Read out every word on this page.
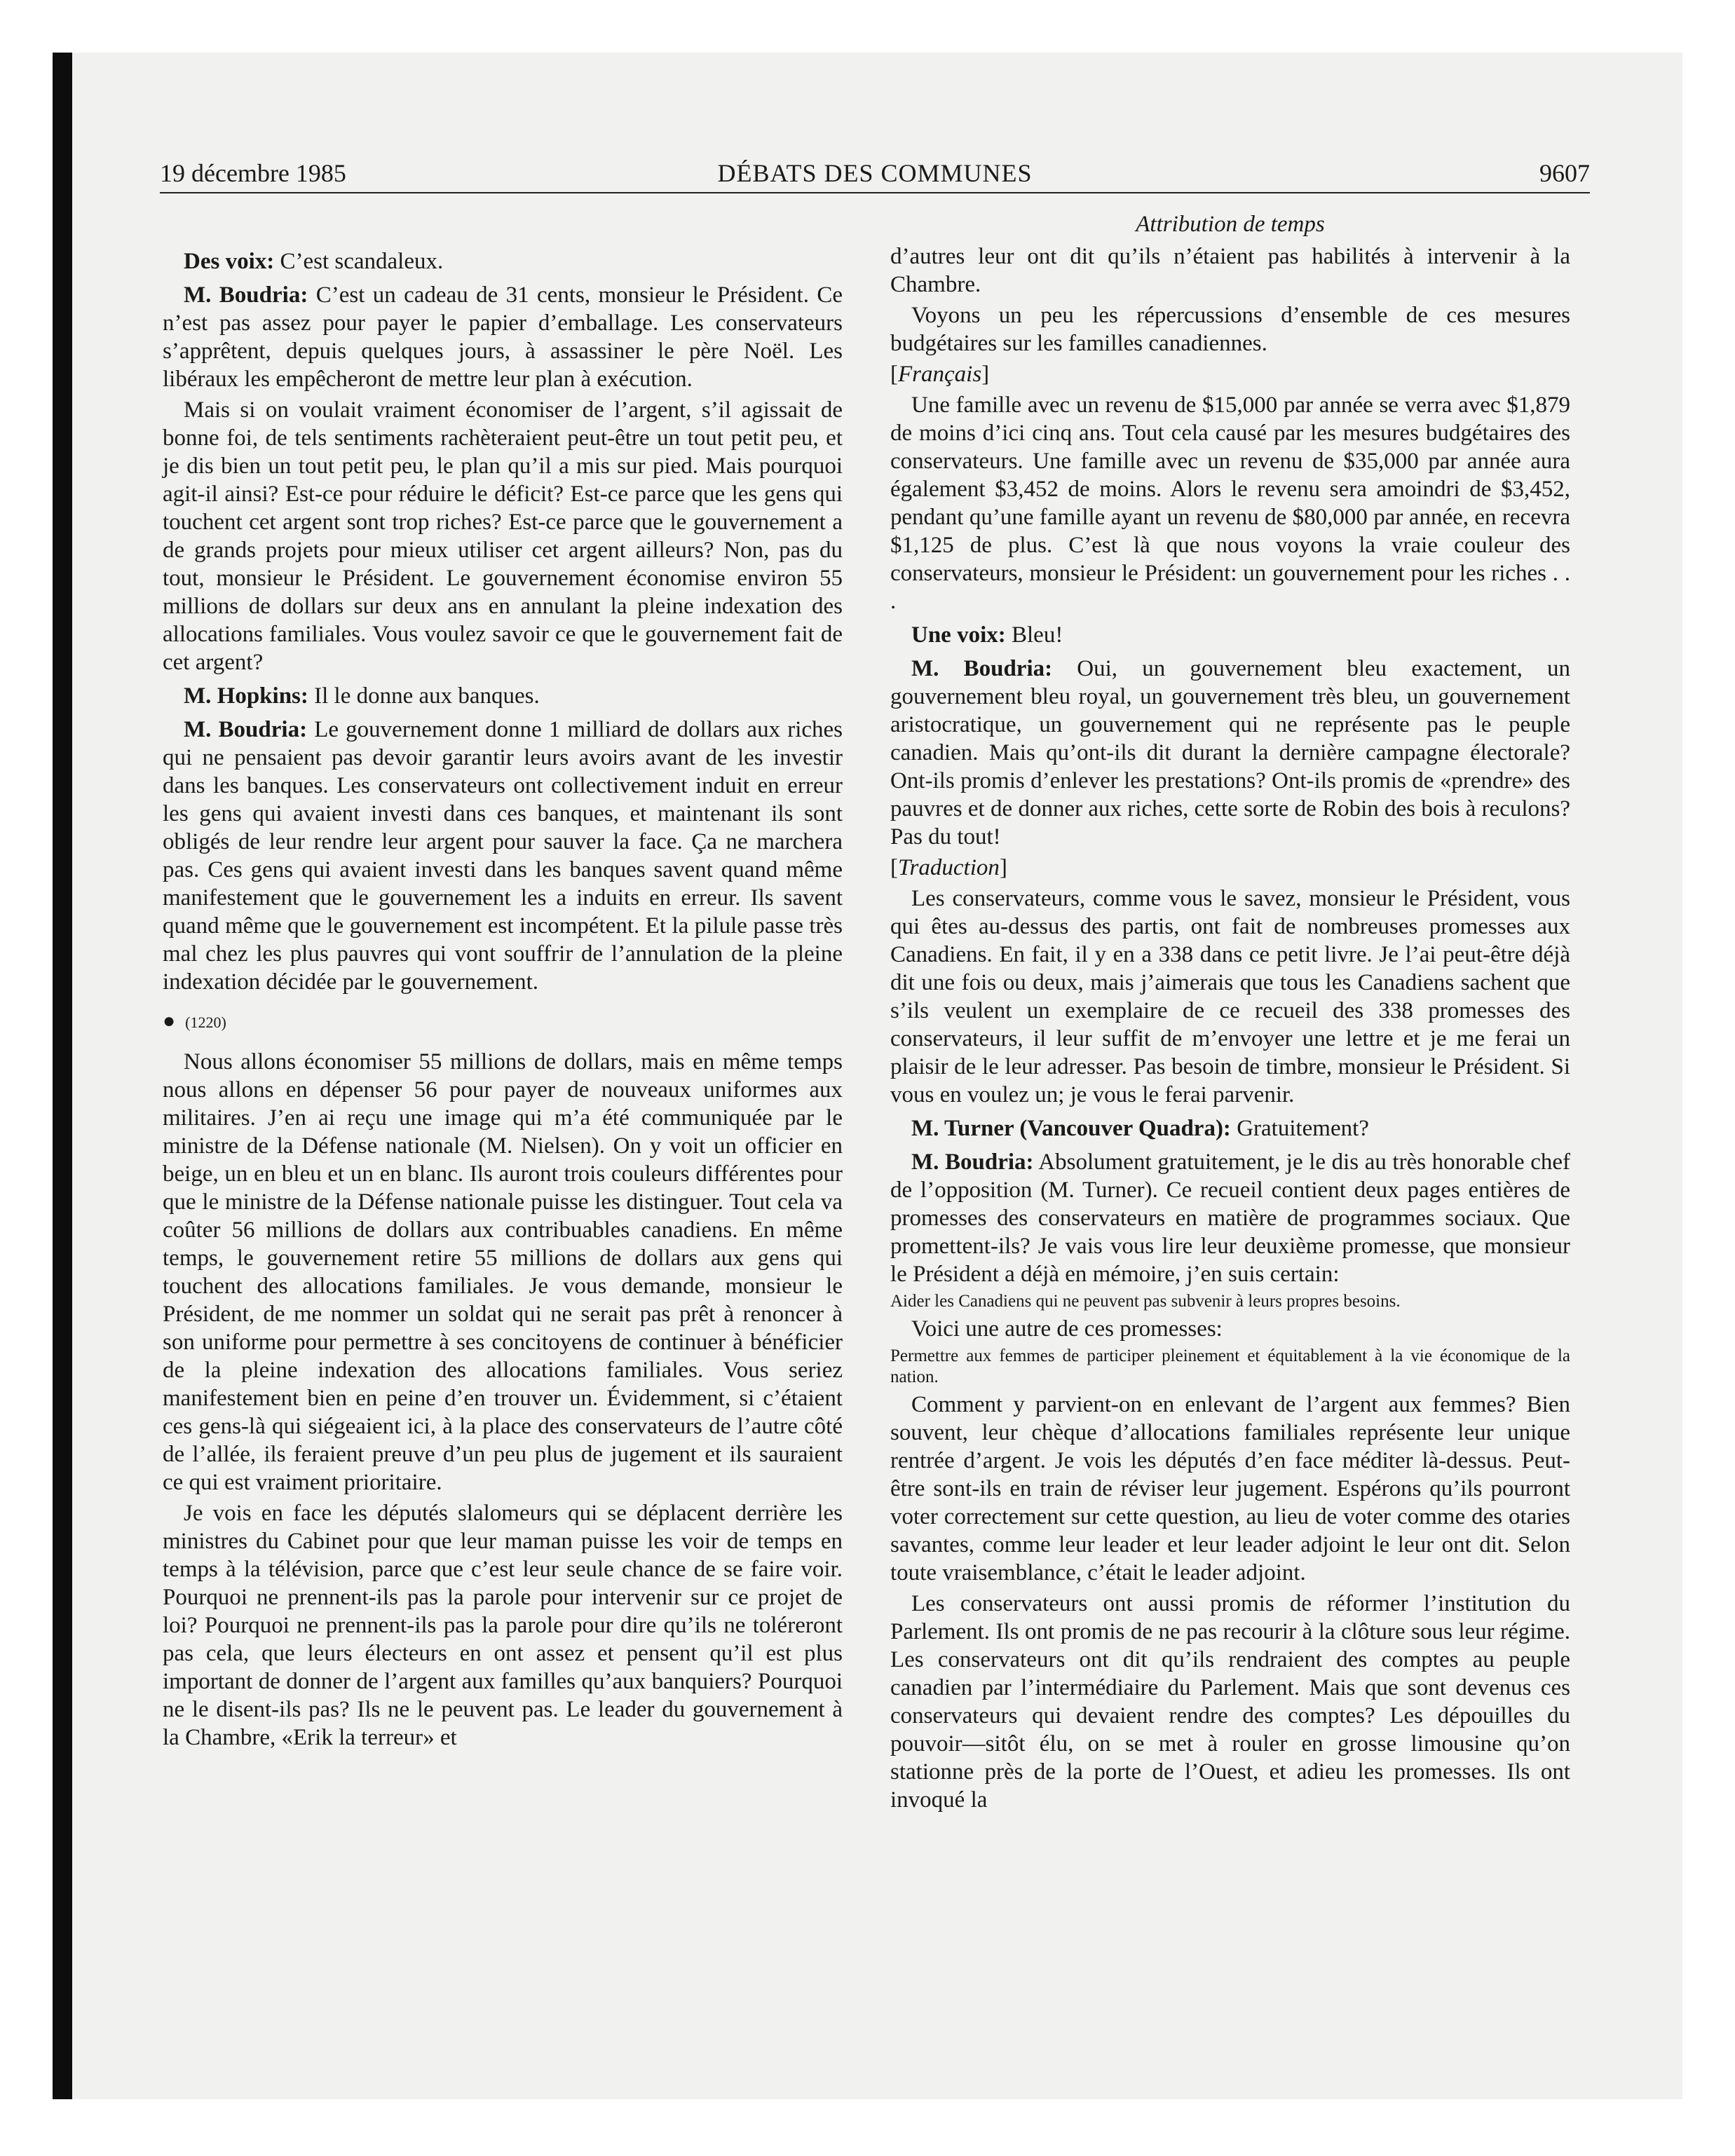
19 décembre 1985	DÉBATS DES COMMUNES	9607

Des voix: C’est scandaleux.

M. Boudria: C’est un cadeau de 31 cents, monsieur le Président. Ce n’est pas assez pour payer le papier d’emballage. Les conservateurs s’apprêtent, depuis quelques jours, à assassiner le père Noël. Les libéraux les empêcheront de mettre leur plan à exécution.

Mais si on voulait vraiment économiser de l’argent, s’il agissait de bonne foi, de tels sentiments rachèteraient peut-être un tout petit peu, et je dis bien un tout petit peu, le plan qu’il a mis sur pied. Mais pourquoi agit-il ainsi? Est-ce pour réduire le déficit? Est-ce parce que les gens qui touchent cet argent sont trop riches? Est-ce parce que le gouvernement a de grands projets pour mieux utiliser cet argent ailleurs? Non, pas du tout, monsieur le Président. Le gouvernement économise environ 55 millions de dollars sur deux ans en annulant la pleine indexation des allocations familiales. Vous voulez savoir ce que le gouvernement fait de cet argent?

M. Hopkins: Il le donne aux banques.

M. Boudria: Le gouvernement donne 1 milliard de dollars aux riches qui ne pensaient pas devoir garantir leurs avoirs avant de les investir dans les banques. Les conservateurs ont collectivement induit en erreur les gens qui avaient investi dans ces banques, et maintenant ils sont obligés de leur rendre leur argent pour sauver la face. Ça ne marchera pas. Ces gens qui avaient investi dans les banques savent quand même manifestement que le gouvernement les a induits en erreur. Ils savent quand même que le gouvernement est incompétent. Et la pilule passe très mal chez les plus pauvres qui vont souffrir de l’annulation de la pleine indexation décidée par le gouvernement.

● (1220)

Nous allons économiser 55 millions de dollars, mais en même temps nous allons en dépenser 56 pour payer de nouveaux uniformes aux militaires. J’en ai reçu une image qui m’a été communiquée par le ministre de la Défense nationale (M. Nielsen). On y voit un officier en beige, un en bleu et un en blanc. Ils auront trois couleurs différentes pour que le ministre de la Défense nationale puisse les distinguer. Tout cela va coûter 56 millions de dollars aux contribuables canadiens. En même temps, le gouvernement retire 55 millions de dollars aux gens qui touchent des allocations familiales. Je vous demande, monsieur le Président, de me nommer un soldat qui ne serait pas prêt à renoncer à son uniforme pour permettre à ses concitoyens de continuer à bénéficier de la pleine indexation des allocations familiales. Vous seriez manifestement bien en peine d’en trouver un. Évidemment, si c’étaient ces gens-là qui siégeaient ici, à la place des conservateurs de l’autre côté de l’allée, ils feraient preuve d’un peu plus de jugement et ils sauraient ce qui est vraiment prioritaire.

Je vois en face les députés slalomeurs qui se déplacent derrière les ministres du Cabinet pour que leur maman puisse les voir de temps en temps à la télévision, parce que c’est leur seule chance de se faire voir. Pourquoi ne prennent-ils pas la parole pour intervenir sur ce projet de loi? Pourquoi ne prennent-ils pas la parole pour dire qu’ils ne toléreront pas cela, que leurs électeurs en ont assez et pensent qu’il est plus important de donner de l’argent aux familles qu’aux banquiers? Pourquoi ne le disent-ils pas? Ils ne le peuvent pas. Le leader du gouvernement à la Chambre, «Erik la terreur» et

Attribution de temps

d’autres leur ont dit qu’ils n’étaient pas habilités à intervenir à la Chambre.

Voyons un peu les répercussions d’ensemble de ces mesures budgétaires sur les familles canadiennes.

[Français]

Une famille avec un revenu de $15,000 par année se verra avec $1,879 de moins d’ici cinq ans. Tout cela causé par les mesures budgétaires des conservateurs. Une famille avec un revenu de $35,000 par année aura également $3,452 de moins. Alors le revenu sera amoindri de $3,452, pendant qu’une famille ayant un revenu de $80,000 par année, en recevra $1,125 de plus. C’est là que nous voyons la vraie couleur des conservateurs, monsieur le Président: un gouvernement pour les riches . . .

Une voix: Bleu!

M. Boudria: Oui, un gouvernement bleu exactement, un gouvernement bleu royal, un gouvernement très bleu, un gouvernement aristocratique, un gouvernement qui ne représente pas le peuple canadien. Mais qu’ont-ils dit durant la dernière campagne électorale? Ont-ils promis d’enlever les prestations? Ont-ils promis de «prendre» des pauvres et de donner aux riches, cette sorte de Robin des bois à reculons? Pas du tout!

[Traduction]

Les conservateurs, comme vous le savez, monsieur le Président, vous qui êtes au-dessus des partis, ont fait de nombreuses promesses aux Canadiens. En fait, il y en a 338 dans ce petit livre. Je l’ai peut-être déjà dit une fois ou deux, mais j’aimerais que tous les Canadiens sachent que s’ils veulent un exemplaire de ce recueil des 338 promesses des conservateurs, il leur suffit de m’envoyer une lettre et je me ferai un plaisir de le leur adresser. Pas besoin de timbre, monsieur le Président. Si vous en voulez un; je vous le ferai parvenir.

M. Turner (Vancouver Quadra): Gratuitement?

M. Boudria: Absolument gratuitement, je le dis au très honorable chef de l’opposition (M. Turner). Ce recueil contient deux pages entières de promesses des conservateurs en matière de programmes sociaux. Que promettent-ils? Je vais vous lire leur deuxième promesse, que monsieur le Président a déjà en mémoire, j’en suis certain:

Aider les Canadiens qui ne peuvent pas subvenir à leurs propres besoins.

Voici une autre de ces promesses:

Permettre aux femmes de participer pleinement et équitablement à la vie économique de la nation.

Comment y parvient-on en enlevant de l’argent aux femmes? Bien souvent, leur chèque d’allocations familiales représente leur unique rentrée d’argent. Je vois les députés d’en face méditer là-dessus. Peut-être sont-ils en train de réviser leur jugement. Espérons qu’ils pourront voter correctement sur cette question, au lieu de voter comme des otaries savantes, comme leur leader et leur leader adjoint le leur ont dit. Selon toute vraisemblance, c’était le leader adjoint.

Les conservateurs ont aussi promis de réformer l’institution du Parlement. Ils ont promis de ne pas recourir à la clôture sous leur régime. Les conservateurs ont dit qu’ils rendraient des comptes au peuple canadien par l’intermédiaire du Parlement. Mais que sont devenus ces conservateurs qui devaient rendre des comptes? Les dépouilles du pouvoir—sitôt élu, on se met à rouler en grosse limousine qu’on stationne près de la porte de l’Ouest, et adieu les promesses. Ils ont invoqué la
